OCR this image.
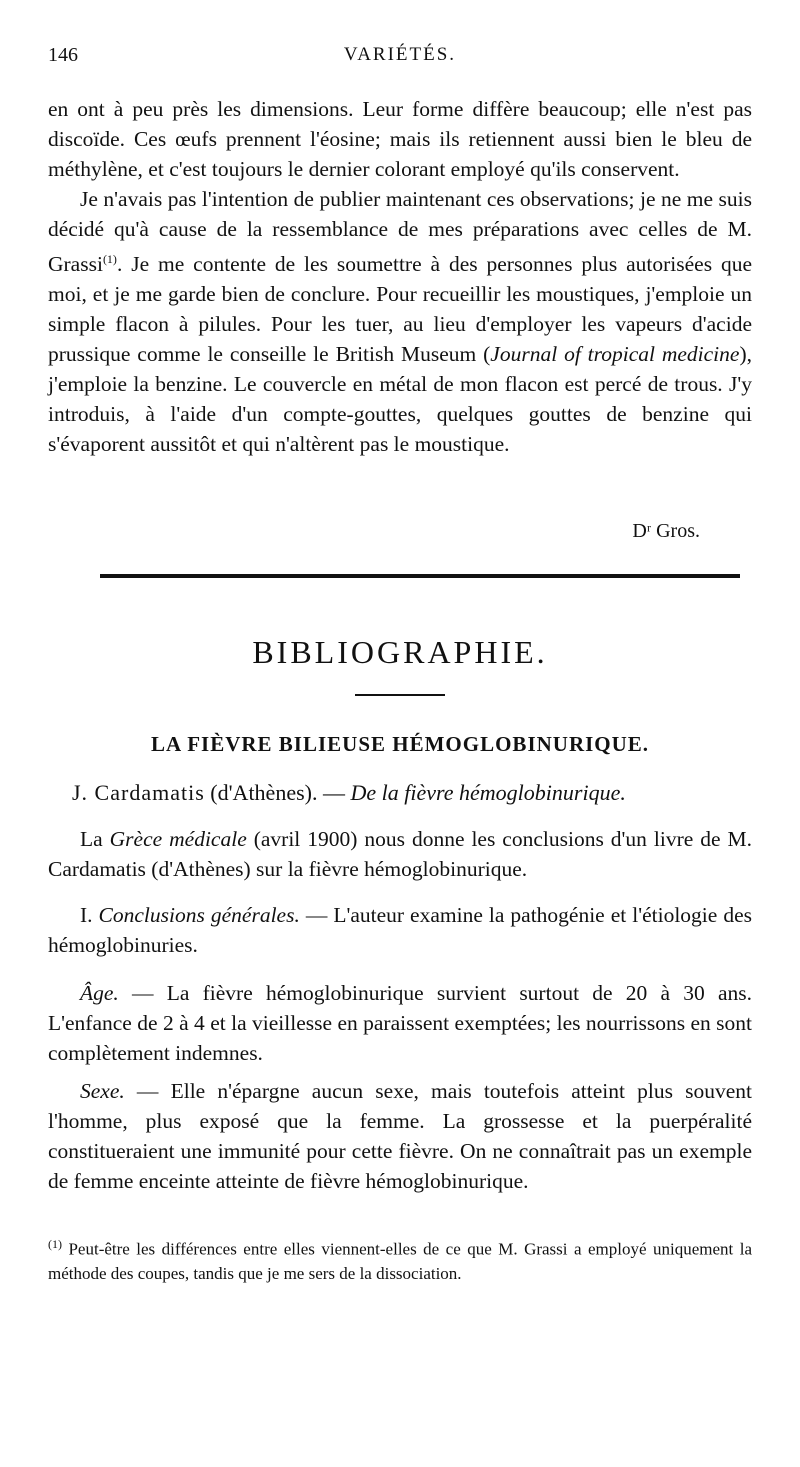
146	VARIÉTÉS.

en ont à peu près les dimensions. Leur forme diffère beaucoup; elle n'est pas discoïde. Ces œufs prennent l'éosine; mais ils retiennent aussi bien le bleu de méthylène, et c'est toujours le dernier colorant employé qu'ils conservent.

Je n'avais pas l'intention de publier maintenant ces observations; je ne me suis décidé qu'à cause de la ressemblance de mes préparations avec celles de M. Grassi$^{(1)}$. Je me contente de les soumettre à des personnes plus autorisées que moi, et je me garde bien de conclure. Pour recueillir les moustiques, j'emploie un simple flacon à pilules. Pour les tuer, au lieu d'employer les vapeurs d'acide prussique comme le conseille le British Museum (Journal of tropical medicine), j'emploie la benzine. Le couvercle en métal de mon flacon est percé de trous. J'y introduis, à l'aide d'un compte-gouttes, quelques gouttes de benzine qui s'évaporent aussitôt et qui n'altèrent pas le moustique.

Dʳ Gros.
BIBLIOGRAPHIE.
LA FIÈVRE BILIEUSE HÉMOGLOBINURIQUE.
J. Cardamatis (d'Athènes). — De la fièvre hémoglobinurique.

La Grèce médicale (avril 1900) nous donne les conclusions d'un livre de M. Cardamatis (d'Athènes) sur la fièvre hémoglobinurique.

I. Conclusions générales. — L'auteur examine la pathogénie et l'étiologie des hémoglobinuries.

Âge. — La fièvre hémoglobinurique survient surtout de 20 à 30 ans. L'enfance de 2 à 4 et la vieillesse en paraissent exemptées; les nourrissons en sont complètement indemnes.

Sexe. — Elle n'épargne aucun sexe, mais toutefois atteint plus souvent l'homme, plus exposé que la femme. La grossesse et la puerpéralité constitueraient une immunité pour cette fièvre. On ne connaîtrait pas un exemple de femme enceinte atteinte de fièvre hémoglobinurique.

$^{(1)}$ Peut-être les différences entre elles viennent-elles de ce que M. Grassi a employé uniquement la méthode des coupes, tandis que je me sers de la dissociation.
